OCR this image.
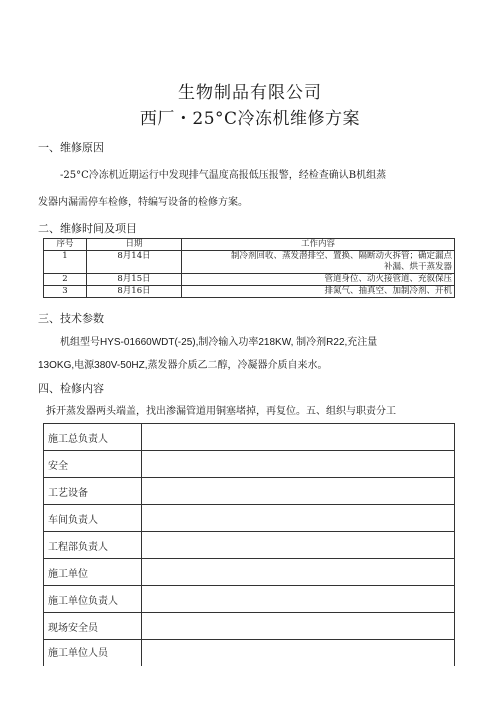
生物制品有限公司
西厂・25°C冷冻机维修方案
一、维修原因
-25°C冷冻机近期运行中发现排气温度高报低压报警，经检查确认B机组蒸
发器内漏需停车检修，特编写设备的检修方案。
二、维修时间及项目
序号	日期	工作内容
1	8月14日	制冷剂回收、蒸发潜排空、置换、隔断动火拆管；确定漏点
补漏、烘干蒸发器

2	8月15日	管道身位、动火接管道、充叙保压
3	8月16日	排氮气、抽真空、加制冷剂、开机
三、技术参数
机组型号HYS-01660WDT(-25),制冷输入功率218KW, 制冷剂R22,充注量
13OKG,电源380V-50HZ,蒸发器介质乙二醇，冷凝器介质自来水。
四、检修内容
拆开蒸发器两头端盖，找出渗漏管道用铜塞堵掉，再复位。五、组织与职责分工
施工总负责人	
安全	
工艺设备	
车间负责人	
工程部负责人	
施工单位	
施工单位负责人	
现场安全员	
施工单位人员	
